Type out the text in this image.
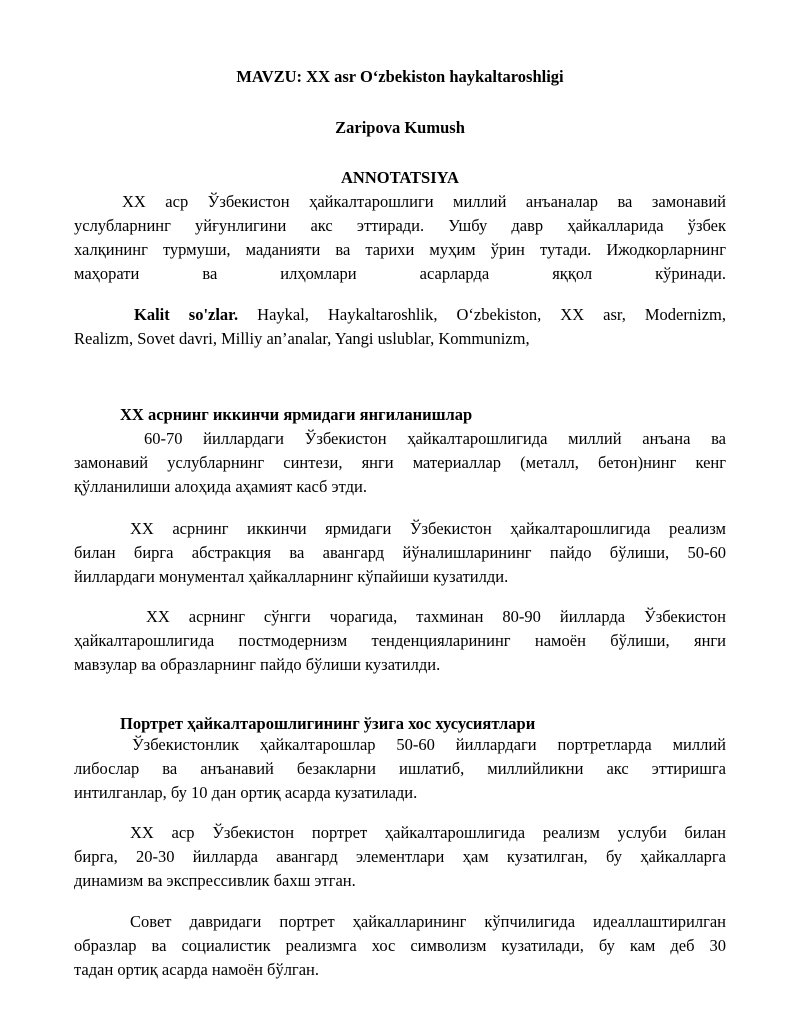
MAVZU: XX asr O‘zbekiston haykaltaroshligi
Zaripova Kumush
ANNOTATSIYA
XX аср Ўзбекистон ҳайкалтарошлиги миллий анъаналар ва замонавий
услубларнинг уйғунлигини акс эттиради. Ушбу давр ҳайкалларида ўзбек
халқининг турмуши, маданияти ва тарихи муҳим ўрин тутади. Ижодкорларнинг
маҳорати ва илҳомлари асарларда яққол кўринади.
Kalit so'zlar. Haykal, Haykaltaroshlik, O‘zbekiston, XX asr, Modernizm,
Realizm, Sovet davri, Milliy an’analar, Yangi uslublar, Kommunizm,
XX асрнинг иккинчи ярмидаги янгиланишлар
60-70 йиллардаги Ўзбекистон ҳайкалтарошлигида миллий анъана ва
замонавий услубларнинг синтези, янги материаллар (металл, бетон)нинг кенг
қўлланилиши алоҳида аҳамият касб этди.
XX асрнинг иккинчи ярмидаги Ўзбекистон ҳайкалтарошлигида реализм
билан бирга абстракция ва авангард йўналишларининг пайдо бўлиши, 50-60
йиллардаги монументал ҳайкалларнинг кўпайиши кузатилди.
XX асрнинг сўнгги чорагида, тахминан 80-90 йилларда Ўзбекистон
ҳайкалтарошлигида постмодернизм тенденцияларининг намоён бўлиши, янги
мавзулар ва образларнинг пайдо бўлиши кузатилди.
Портрет ҳайкалтарошлигининг ўзига хос хусусиятлари
Ўзбекистонлик ҳайкалтарошлар 50-60 йиллардаги портретларда миллий
либослар ва анъанавий безакларни ишлатиб, миллийликни акс эттиришга
интилганлар, бу 10 дан ортиқ асарда кузатилади.
XX аср Ўзбекистон портрет ҳайкалтарошлигида реализм услуби билан
бирга, 20-30 йилларда авангард элементлари ҳам кузатилган, бу ҳайкалларга
динамизм ва экспрессивлик бахш этган.
Совет давридаги портрет ҳайкалларининг кўпчилигида идеаллаштирилган
образлар ва социалистик реализмга хос символизм кузатилади, бу кам деб 30
тадан ортиқ асарда намоён бўлган.
